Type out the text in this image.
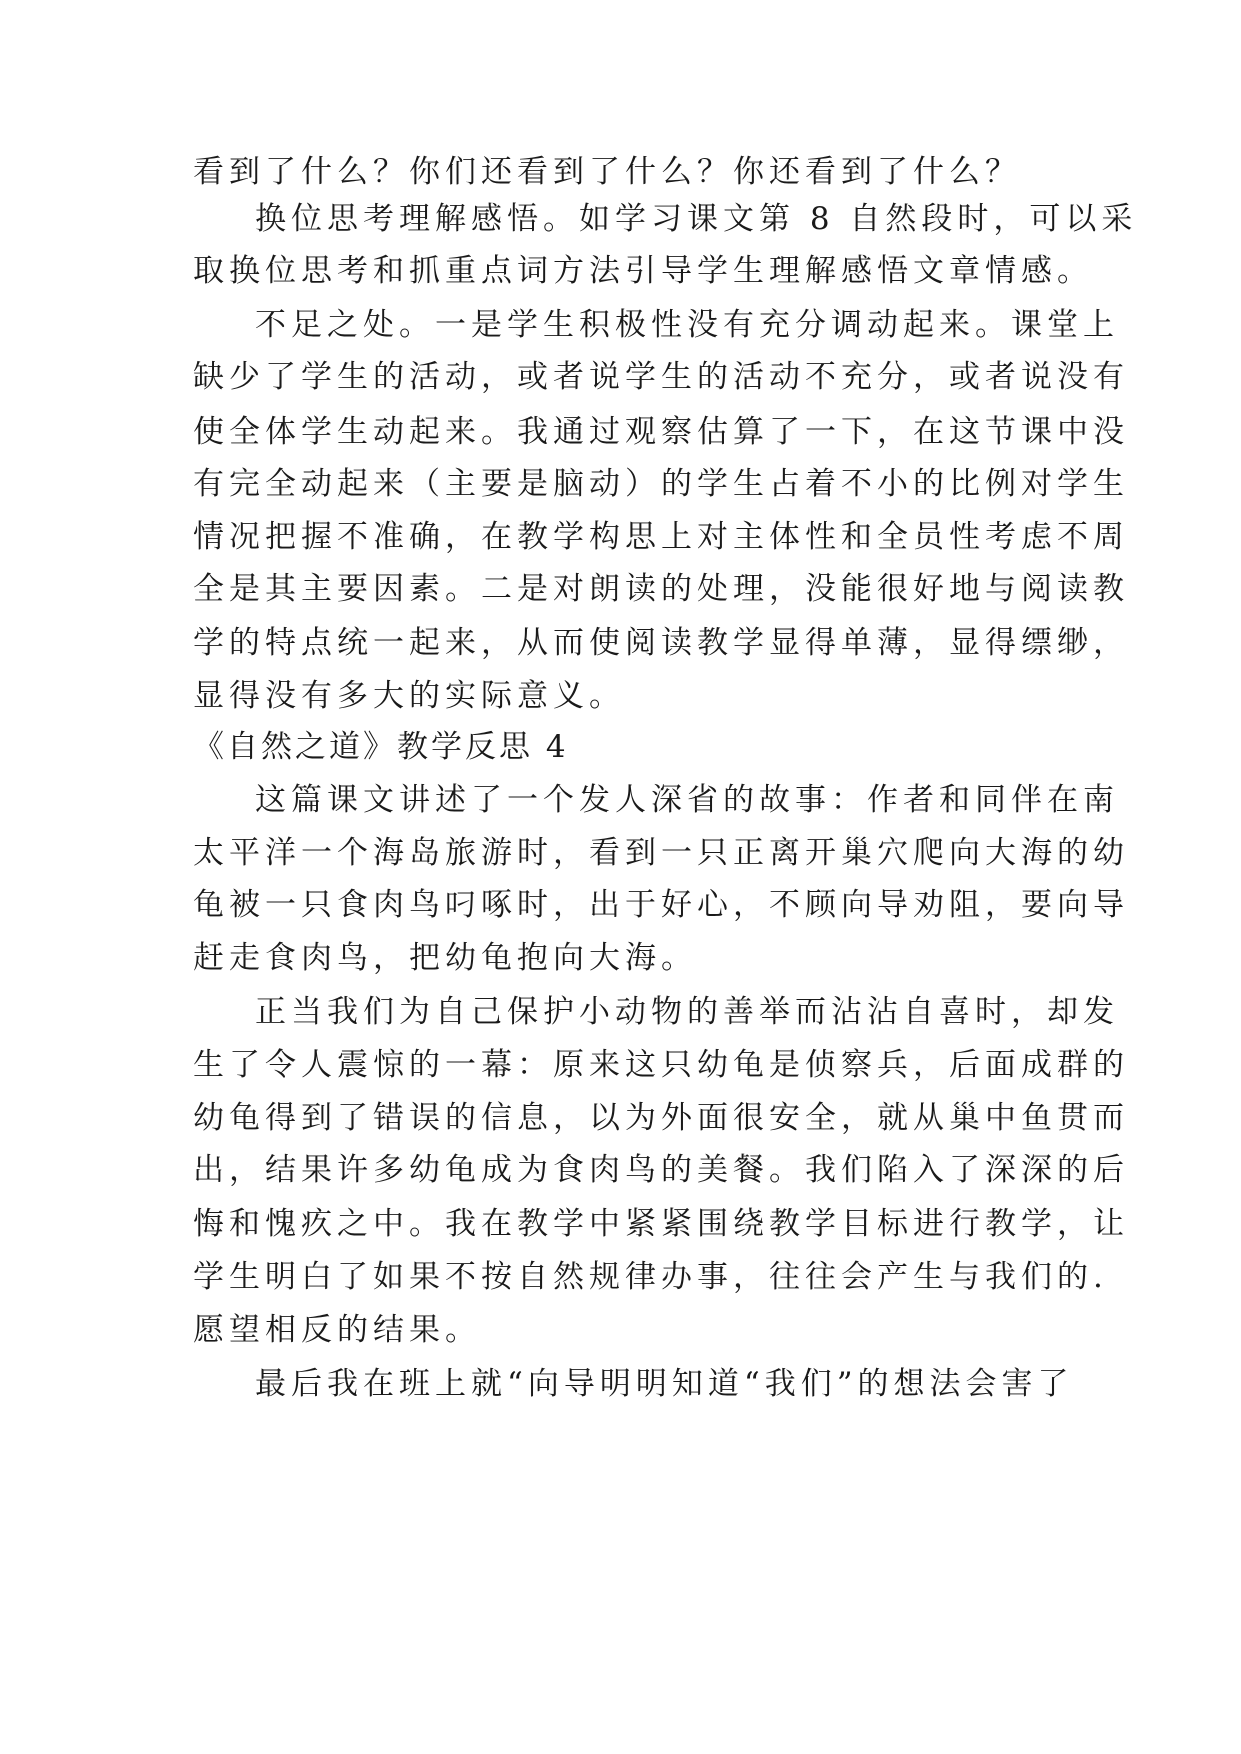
看到了什么？你们还看到了什么？你还看到了什么？
换位思考理解感悟。如学习课文第 8 自然段时，可以采
取换位思考和抓重点词方法引导学生理解感悟文章情感。
不足之处。一是学生积极性没有充分调动起来。课堂上
缺少了学生的活动，或者说学生的活动不充分，或者说没有
使全体学生动起来。我通过观察估算了一下，在这节课中没
有完全动起来（主要是脑动）的学生占着不小的比例对学生
情况把握不准确，在教学构思上对主体性和全员性考虑不周
全是其主要因素。二是对朗读的处理，没能很好地与阅读教
学的特点统一起来，从而使阅读教学显得单薄，显得缥缈，
显得没有多大的实际意义。
《自然之道》教学反思 4
这篇课文讲述了一个发人深省的故事：作者和同伴在南
太平洋一个海岛旅游时，看到一只正离开巢穴爬向大海的幼
龟被一只食肉鸟叼啄时，出于好心，不顾向导劝阻，要向导
赶走食肉鸟，把幼龟抱向大海。
正当我们为自己保护小动物的善举而沾沾自喜时，却发
生了令人震惊的一幕：原来这只幼龟是侦察兵，后面成群的
幼龟得到了错误的信息，以为外面很安全，就从巢中鱼贯而
出，结果许多幼龟成为食肉鸟的美餐。我们陷入了深深的后
悔和愧疚之中。我在教学中紧紧围绕教学目标进行教学，让
学生明白了如果不按自然规律办事，往往会产生与我们的.
愿望相反的结果。
最后我在班上就“向导明明知道“我们”的想法会害了
